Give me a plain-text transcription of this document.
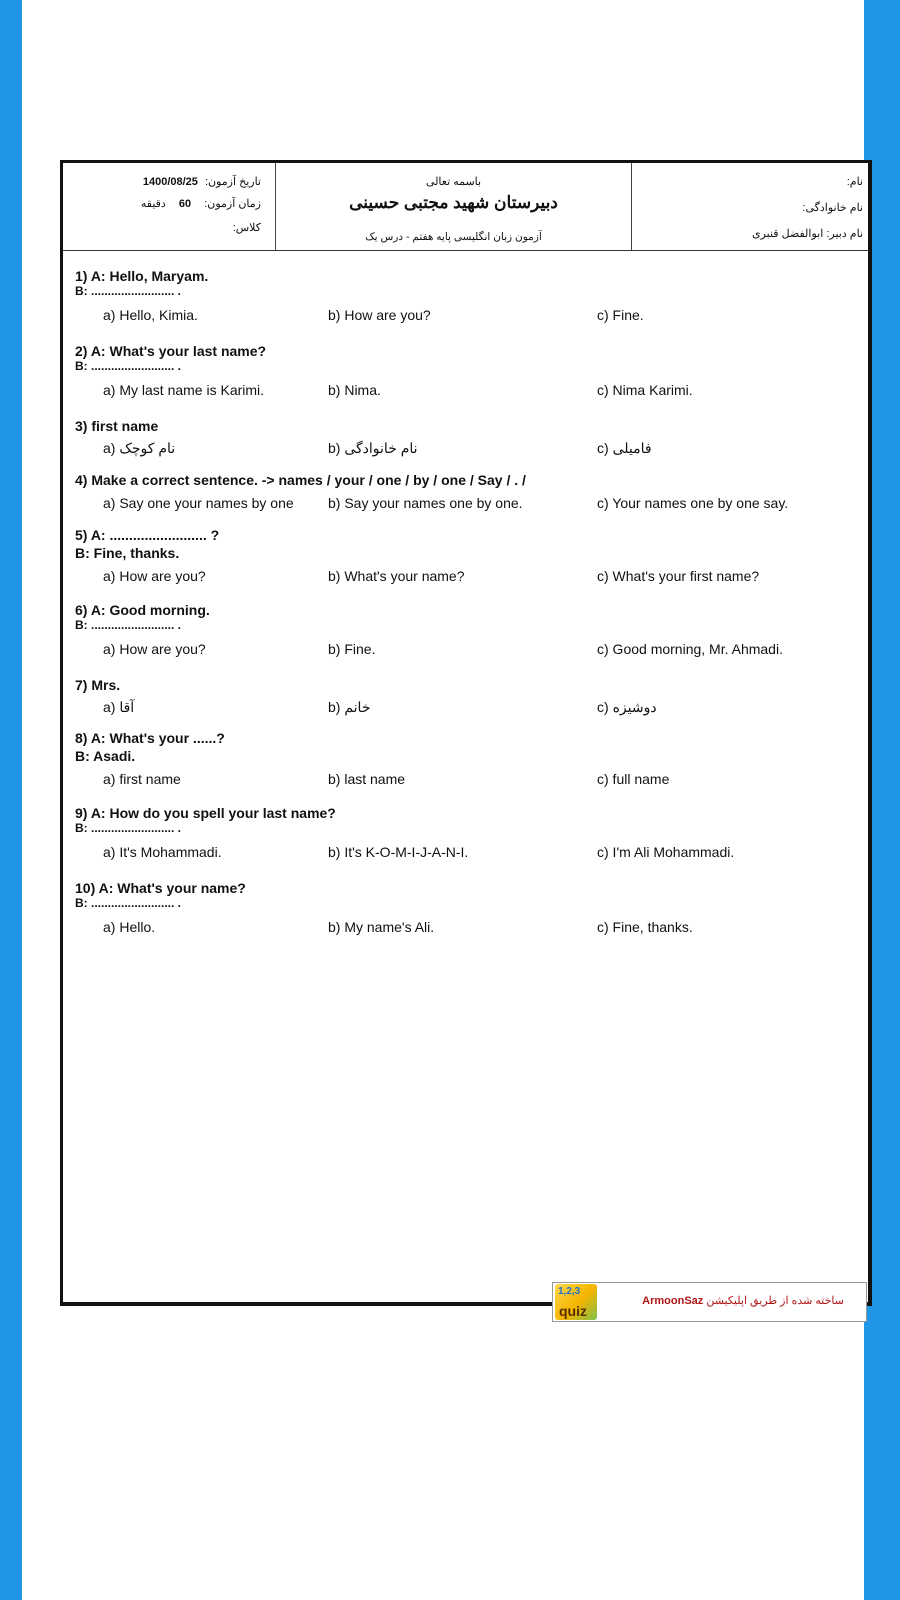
تاریخ آزمون: 1400/08/25
زمان آزمون: 60 دقیقه
کلاس:
باسمه تعالی
دبیرستان شهید مجتبی حسینی
آزمون زبان انگلیسی پایه هفتم - درس یک
نام:
نام خانوادگی:
نام دبیر: ابوالفضل قنبری
1) A: Hello, Maryam.
B: ......................... .
a) Hello, Kimia.	b) How are you?	c) Fine.
2) A: What's your last name?
B: ......................... .
a) My last name is Karimi.	b) Nima.	c) Nima Karimi.
3) first name
a) نام کوچک	b) نام خانوادگی	c) فامیلی
4) Make a correct sentence. -> names / your / one / by / one / Say / . /
a) Say one your names by one b) Say your names one by one.	c) Your names one by one say.
5) A: ......................... ?
B: Fine, thanks.
a) How are you?	b) What's your name?	c) What's your first name?
6) A: Good morning.
B: ......................... .
a) How are you?	b) Fine.	c) Good morning, Mr. Ahmadi.
7) Mrs.
a) آقا	b) خانم	c) دوشیزه
8) A: What's your ......?
B: Asadi.
a) first name	b) last name	c) full name
9) A: How do you spell your last name?
B: ......................... .
a) It's Mohammadi.	b) It's K-O-M-I-J-A-N-I.	c) I'm Ali Mohammadi.
10) A: What's your name?
B: ......................... .
a) Hello.	b) My name's Ali.	c) Fine, thanks.
1,2,3
quiz
ساخته شده از طریق اپلیکیشن ArmoonSaz
